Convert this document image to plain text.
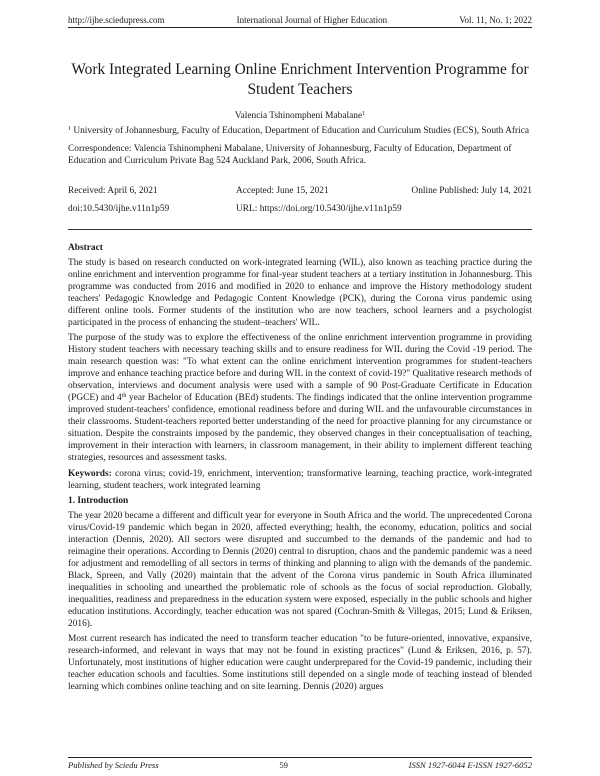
http://ijhe.sciedupress.com	International Journal of Higher Education	Vol. 11, No. 1; 2022
Work Integrated Learning Online Enrichment Intervention Programme for Student Teachers
Valencia Tshinompheni Mabalane$^1$
$^1$ University of Johannesburg, Faculty of Education, Department of Education and Curriculum Studies (ECS), South Africa
Correspondence: Valencia Tshinompheni Mabalane, University of Johannesburg, Faculty of Education, Department of Education and Curriculum Private Bag 524 Auckland Park, 2006, South Africa.
Received: April 6, 2021	Accepted: June 15, 2021	Online Published: July 14, 2021
doi:10.5430/ijhe.v11n1p59	URL: https://doi.org/10.5430/ijhe.v11n1p59
Abstract

The study is based on research conducted on work-integrated learning (WIL), also known as teaching practice during the online enrichment and intervention programme for final-year student teachers at a tertiary institution in Johannesburg. This programme was conducted from 2016 and modified in 2020 to enhance and improve the History methodology student teachers' Pedagogic Knowledge and Pedagogic Content Knowledge (PCK), during the Corona virus pandemic using different online tools. Former students of the institution who are now teachers, school learners and a psychologist participated in the process of enhancing the student–teachers' WIL.

The purpose of the study was to explore the effectiveness of the online enrichment intervention programme in providing History student teachers with necessary teaching skills and to ensure readiness for WIL during the Covid -19 period. The main research question was: "To what extent can the online enrichment intervention programmes for student-teachers improve and enhance teaching practice before and during WIL in the context of covid-19?" Qualitative research methods of observation, interviews and document analysis were used with a sample of 90 Post-Graduate Certificate in Education (PGCE) and 4th year Bachelor of Education (BEd) students. The findings indicated that the online intervention programme improved student-teachers' confidence, emotional readiness before and during WIL and the unfavourable circumstances in their classrooms. Student-teachers reported better understanding of the need for proactive planning for any circumstance or situation. Despite the constraints imposed by the pandemic, they observed changes in their conceptualisation of teaching, improvement in their interaction with learners, in classroom management, in their ability to implement different teaching strategies, resources and assessment tasks.

Keywords: corona virus; covid-19, enrichment, intervention; transformative learning, teaching practice, work-integrated learning, student teachers, work integrated learning

1. Introduction

The year 2020 became a different and difficult year for everyone in South Africa and the world. The unprecedented Corona virus/Covid-19 pandemic which began in 2020, affected everything; health, the economy, education, politics and social interaction (Dennis, 2020). All sectors were disrupted and succumbed to the demands of the pandemic and had to reimagine their operations. According to Dennis (2020) central to disruption, chaos and the pandemic pandemic was a need for adjustment and remodelling of all sectors in terms of thinking and planning to align with the demands of the pandemic. Black, Spreen, and Vally (2020) maintain that the advent of the Corona virus pandemic in South Africa illuminated inequalities in schooling and unearthed the problematic role of schools as the focus of social reproduction. Globally, inequalities, readiness and preparedness in the education system were exposed, especially in the public schools and higher education institutions. Accordingly, teacher education was not spared (Cochran-Smith & Villegas, 2015; Lund & Eriksen, 2016).

Most current research has indicated the need to transform teacher education "to be future-oriented, innovative, expansive, research-informed, and relevant in ways that may not be found in existing practices" (Lund & Eriksen, 2016, p. 57). Unfortunately, most institutions of higher education were caught underprepared for the Covid-19 pandemic, including their teacher education schools and faculties. Some institutions still depended on a single mode of teaching instead of blended learning which combines online teaching and on site learning. Dennis (2020) argues

Published by Sciedu Press	59	ISSN 1927-6044 E-ISSN 1927-6052
